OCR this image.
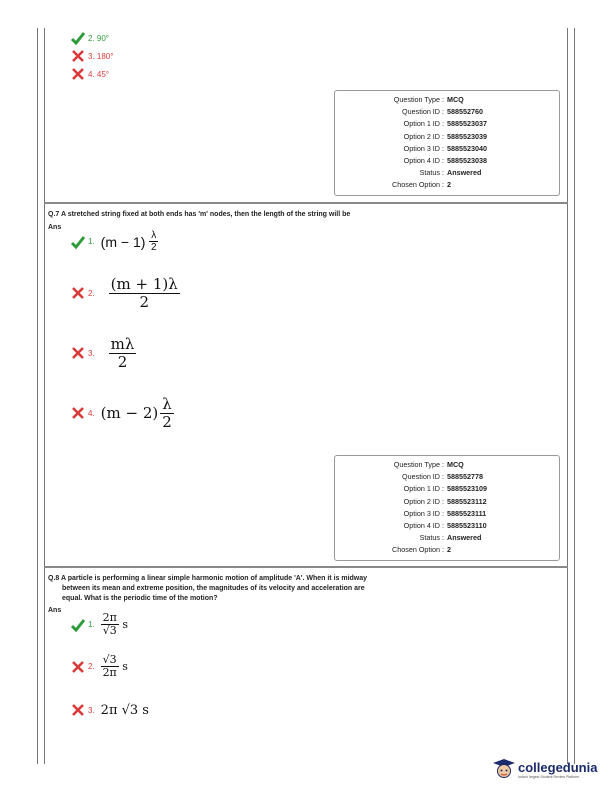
2.
90°
3.
180°
4.
45°
Question Type : MCQ
Question ID : 588552760
Option 1 ID : 5885523037
Option 2 ID : 5885523039
Option 3 ID : 5885523040
Option 4 ID : 5885523038
Status : Answered
Chosen Option : 2
Q.7 A stretched string fixed at both ends has 'm' nodes, then the length of the string will be
Ans
1. (m − 1)
$\frac{\lambda}{2}$
2. $\frac{(m + 1)\lambda}{2}$
3. $\frac{m\lambda}{2}$
4. $(m - 2) \frac{\lambda}{2}$
Question Type : MCQ
Question ID : 588552778
Option 1 ID : 5885523109
Option 2 ID : 5885523112
Option 3 ID : 5885523111
Option 4 ID : 5885523110
Status : Answered
Chosen Option : 2
Q.8 A particle is performing a linear simple harmonic motion of amplitude 'A'. When it is midway
between its mean and extreme position, the magnitudes of its velocity and acceleration are
equal. What is the periodic time of the motion?
Ans
1. $\frac{2\pi}{√3}$
s
2. $\frac{√3}{2\pi}$
s
3. 2π √3 s
collegedunia
India's largest Student Review Platform
